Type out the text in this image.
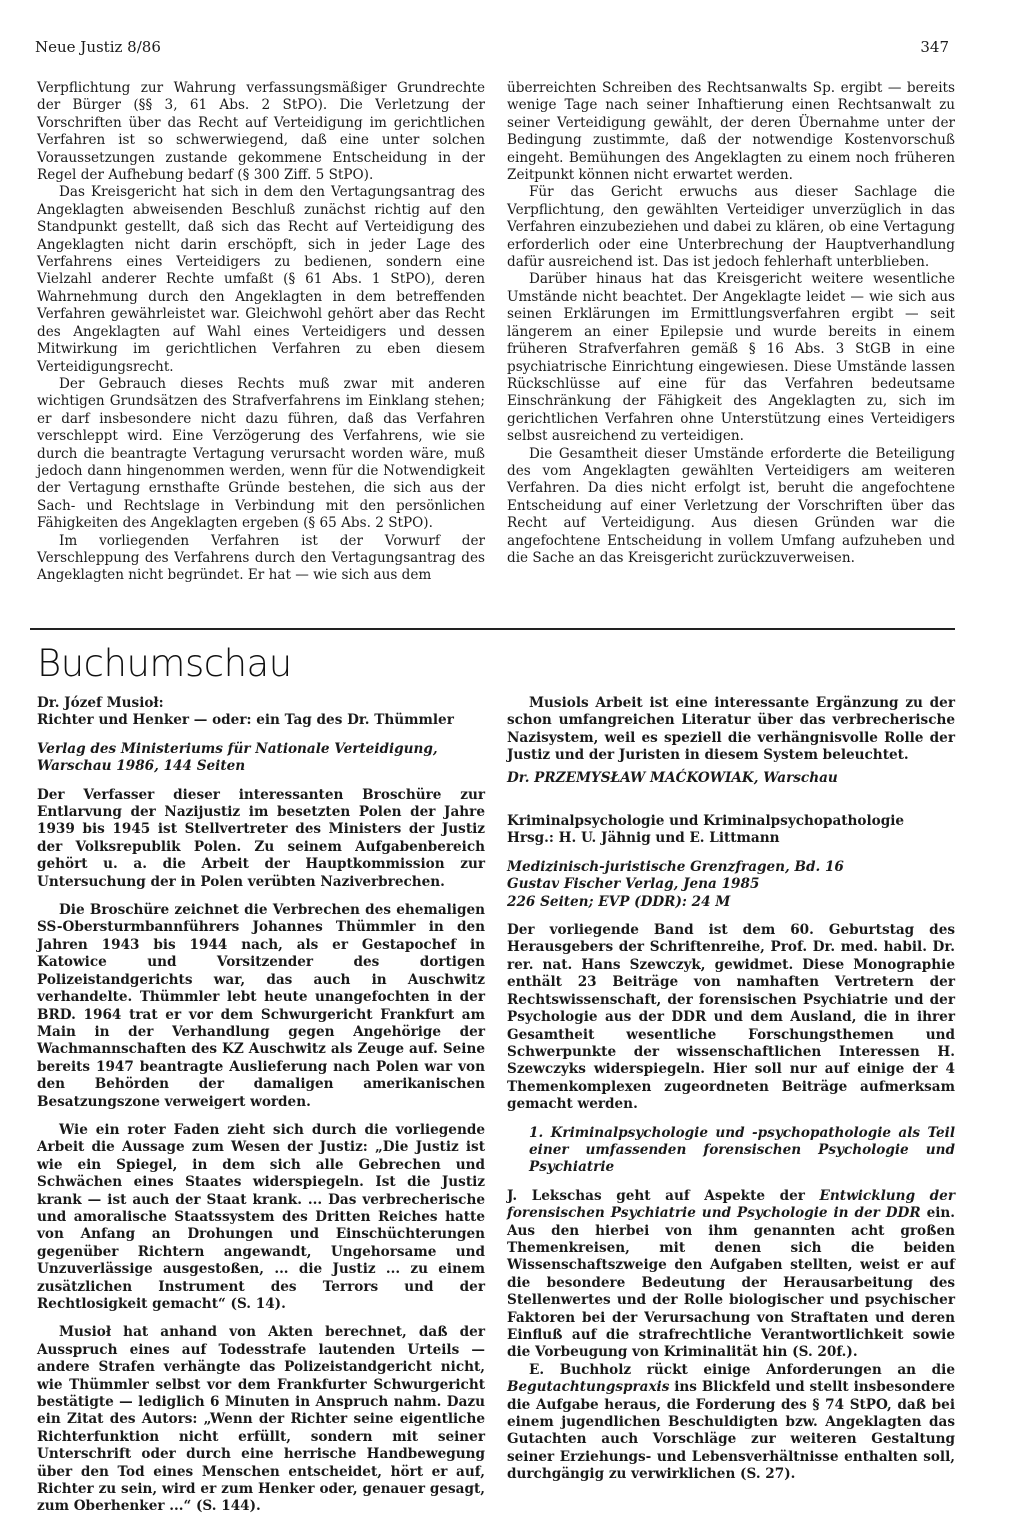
Neue Justiz 8/86	347

Verpflichtung zur Wahrung verfassungsmäßiger Grundrechte der Bürger (§§ 3, 61 Abs. 2 StPO). Die Verletzung der Vorschriften über das Recht auf Verteidigung im gerichtlichen Verfahren ist so schwerwiegend, daß eine unter solchen Voraussetzungen zustande gekommene Entscheidung in der Regel der Aufhebung bedarf (§ 300 Ziff. 5 StPO).

Das Kreisgericht hat sich in dem den Vertagungsantrag des Angeklagten abweisenden Beschluß zunächst richtig auf den Standpunkt gestellt, daß sich das Recht auf Verteidigung des Angeklagten nicht darin erschöpft, sich in jeder Lage des Verfahrens eines Verteidigers zu bedienen, sondern eine Vielzahl anderer Rechte umfaßt (§ 61 Abs. 1 StPO), deren Wahrnehmung durch den Angeklagten in dem betreffenden Verfahren gewährleistet war. Gleichwohl gehört aber das Recht des Angeklagten auf Wahl eines Verteidigers und dessen Mitwirkung im gerichtlichen Verfahren zu eben diesem Verteidigungsrecht.

Der Gebrauch dieses Rechts muß zwar mit anderen wichtigen Grundsätzen des Strafverfahrens im Einklang stehen; er darf insbesondere nicht dazu führen, daß das Verfahren verschleppt wird. Eine Verzögerung des Verfahrens, wie sie durch die beantragte Vertagung verursacht worden wäre, muß jedoch dann hingenommen werden, wenn für die Notwendigkeit der Vertagung ernsthafte Gründe bestehen, die sich aus der Sach- und Rechtslage in Verbindung mit den persönlichen Fähigkeiten des Angeklagten ergeben (§ 65 Abs. 2 StPO).

Im vorliegenden Verfahren ist der Vorwurf der Verschleppung des Verfahrens durch den Vertagungsantrag des Angeklagten nicht begründet. Er hat — wie sich aus dem

überreichten Schreiben des Rechtsanwalts Sp. ergibt — bereits wenige Tage nach seiner Inhaftierung einen Rechtsanwalt zu seiner Verteidigung gewählt, der deren Übernahme unter der Bedingung zustimmte, daß der notwendige Kostenvorschuß eingeht. Bemühungen des Angeklagten zu einem noch früheren Zeitpunkt können nicht erwartet werden.

Für das Gericht erwuchs aus dieser Sachlage die Verpflichtung, den gewählten Verteidiger unverzüglich in das Verfahren einzubeziehen und dabei zu klären, ob eine Vertagung erforderlich oder eine Unterbrechung der Hauptverhandlung dafür ausreichend ist. Das ist jedoch fehlerhaft unterblieben.

Darüber hinaus hat das Kreisgericht weitere wesentliche Umstände nicht beachtet. Der Angeklagte leidet — wie sich aus seinen Erklärungen im Ermittlungsverfahren ergibt — seit längerem an einer Epilepsie und wurde bereits in einem früheren Strafverfahren gemäß § 16 Abs. 3 StGB in eine psychiatrische Einrichtung eingewiesen. Diese Umstände lassen Rückschlüsse auf eine für das Verfahren bedeutsame Einschränkung der Fähigkeit des Angeklagten zu, sich im gerichtlichen Verfahren ohne Unterstützung eines Verteidigers selbst ausreichend zu verteidigen.

Die Gesamtheit dieser Umstände erforderte die Beteiligung des vom Angeklagten gewählten Verteidigers am weiteren Verfahren. Da dies nicht erfolgt ist, beruht die angefochtene Entscheidung auf einer Verletzung der Vorschriften über das Recht auf Verteidigung. Aus diesen Gründen war die angefochtene Entscheidung in vollem Umfang aufzuheben und die Sache an das Kreisgericht zurückzuverweisen.

Buchumschau

Dr. Józef Musioł:

Richter und Henker — oder: ein Tag des Dr. Thümmler

Verlag des Ministeriums für Nationale Verteidigung,

Warschau 1986, 144 Seiten

Der Verfasser dieser interessanten Broschüre zur Entlarvung der Nazijustiz im besetzten Polen der Jahre 1939 bis 1945 ist Stellvertreter des Ministers der Justiz der Volksrepublik Polen. Zu seinem Aufgabenbereich gehört u. a. die Arbeit der Hauptkommission zur Untersuchung der in Polen verübten Naziverbrechen.

Die Broschüre zeichnet die Verbrechen des ehemaligen SS-Obersturmbannführers Johannes Thümmler in den Jahren 1943 bis 1944 nach, als er Gestapochef in Katowice und Vorsitzender des dortigen Polizeistandgerichts war, das auch in Auschwitz verhandelte. Thümmler lebt heute unangefochten in der BRD. 1964 trat er vor dem Schwurgericht Frankfurt am Main in der Verhandlung gegen Angehörige der Wachmannschaften des KZ Auschwitz als Zeuge auf. Seine bereits 1947 beantragte Auslieferung nach Polen war von den Behörden der damaligen amerikanischen Besatzungszone verweigert worden.

Wie ein roter Faden zieht sich durch die vorliegende Arbeit die Aussage zum Wesen der Justiz: „Die Justiz ist wie ein Spiegel, in dem sich alle Gebrechen und Schwächen eines Staates widerspiegeln. Ist die Justiz krank — ist auch der Staat krank. ... Das verbrecherische und amoralische Staatssystem des Dritten Reiches hatte von Anfang an Drohungen und Einschüchterungen gegenüber Richtern angewandt, Ungehorsame und Unzuverlässige ausgestoßen, ... die Justiz ... zu einem zusätzlichen Instrument des Terrors und der Rechtlosigkeit gemacht“ (S. 14).

Musioł hat anhand von Akten berechnet, daß der Ausspruch eines auf Todesstrafe lautenden Urteils — andere Strafen verhängte das Polizeistandgericht nicht, wie Thümmler selbst vor dem Frankfurter Schwurgericht bestätigte — lediglich 6 Minuten in Anspruch nahm. Dazu ein Zitat des Autors: „Wenn der Richter seine eigentliche Richterfunktion nicht erfüllt, sondern mit seiner Unterschrift oder durch eine herrische Handbewegung über den Tod eines Menschen entscheidet, hört er auf, Richter zu sein, wird er zum Henker oder, genauer gesagt, zum Oberhenker ...“ (S. 144).

Musiols Arbeit ist eine interessante Ergänzung zu der schon umfangreichen Literatur über das verbrecherische Nazisystem, weil es speziell die verhängnisvolle Rolle der Justiz und der Juristen in diesem System beleuchtet.

Dr. PRZEMYSŁAW MAĆKOWIAK, Warschau

Kriminalpsychologie und Kriminalpsychopathologie

Hrsg.: H. U. Jähnig und E. Littmann

Medizinisch-juristische Grenzfragen, Bd. 16

Gustav Fischer Verlag, Jena 1985

226 Seiten; EVP (DDR): 24 M

Der vorliegende Band ist dem 60. Geburtstag des Herausgebers der Schriftenreihe, Prof. Dr. med. habil. Dr. rer. nat. Hans Szewczyk, gewidmet. Diese Monographie enthält 23 Beiträge von namhaften Vertretern der Rechtswissenschaft, der forensischen Psychiatrie und der Psychologie aus der DDR und dem Ausland, die in ihrer Gesamtheit wesentliche Forschungsthemen und Schwerpunkte der wissenschaftlichen Interessen H. Szewczyks widerspiegeln. Hier soll nur auf einige der 4 Themenkomplexen zugeordneten Beiträge aufmerksam gemacht werden.

1. Kriminalpsychologie und -psychopathologie als Teil einer umfassenden forensischen Psychologie und Psychiatrie

J. Lekschas geht auf Aspekte der Entwicklung der forensischen Psychiatrie und Psychologie in der DDR ein. Aus den hierbei von ihm genannten acht großen Themenkreisen, mit denen sich die beiden Wissenschaftszweige den Aufgaben stellten, weist er auf die besondere Bedeutung der Herausarbeitung des Stellenwertes und der Rolle biologischer und psychischer Faktoren bei der Verursachung von Straftaten und deren Einfluß auf die strafrechtliche Verantwortlichkeit sowie die Vorbeugung von Kriminalität hin (S. 20f.).

E. Buchholz rückt einige Anforderungen an die Begutachtungspraxis ins Blickfeld und stellt insbesondere die Aufgabe heraus, die Forderung des § 74 StPO, daß bei einem jugendlichen Beschuldigten bzw. Angeklagten das Gutachten auch Vorschläge zur weiteren Gestaltung seiner Erziehungs- und Lebensverhältnisse enthalten soll, durchgängig zu verwirklichen (S. 27).
